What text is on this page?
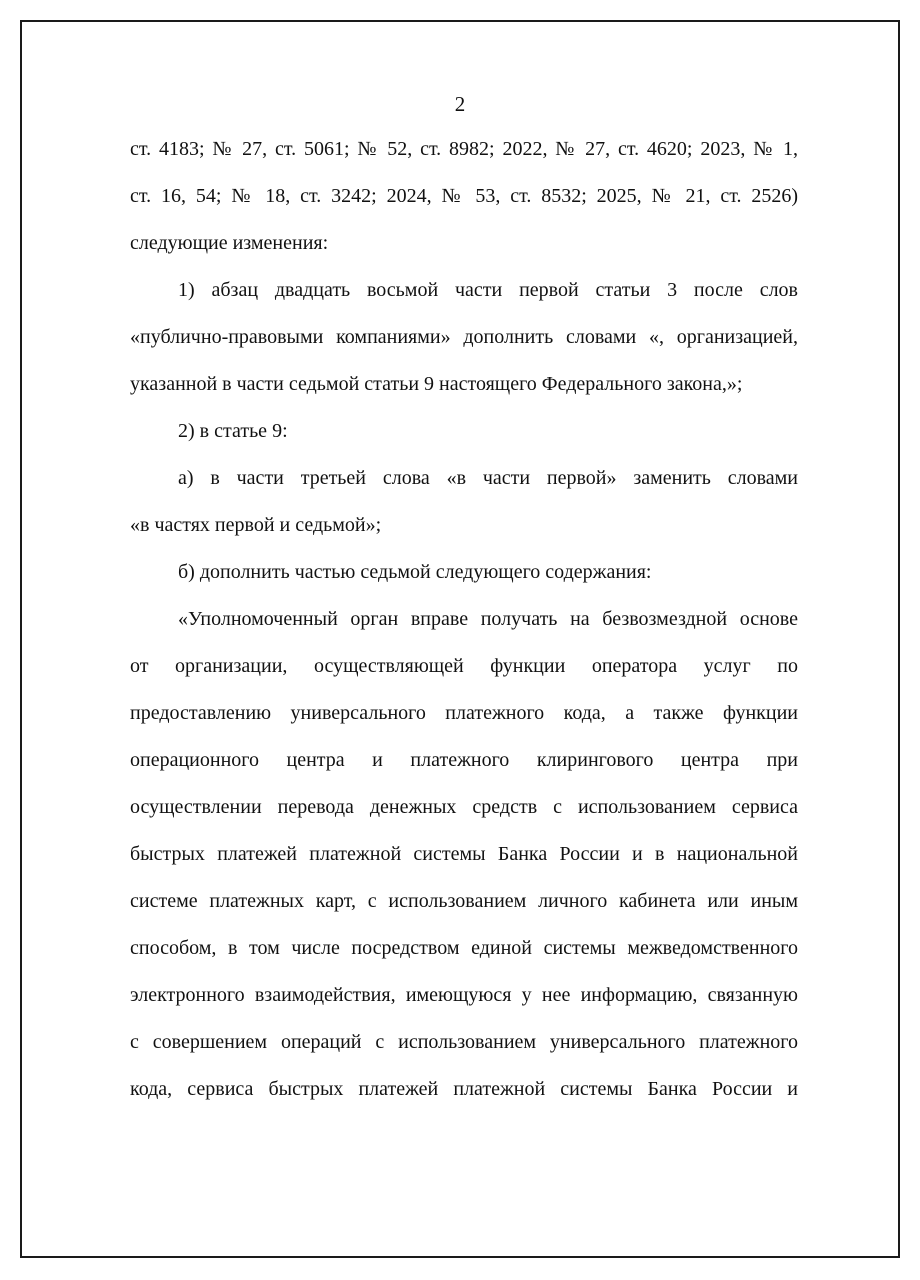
2
ст. 4183; № 27, ст. 5061; № 52, ст. 8982; 2022, № 27, ст. 4620; 2023, № 1,
ст. 16, 54; № 18, ст. 3242; 2024, № 53, ст. 8532; 2025, № 21, ст. 2526)
следующие изменения:
1) абзац двадцать восьмой части первой статьи 3 после слов
«публично-правовыми компаниями» дополнить словами «, организацией,
указанной в части седьмой статьи 9 настоящего Федерального закона,»;
2) в статье 9:
а) в части третьей слова «в части первой» заменить словами
«в частях первой и седьмой»;
б) дополнить частью седьмой следующего содержания:
«Уполномоченный орган вправе получать на безвозмездной основе
от организации, осуществляющей функции оператора услуг по
предоставлению универсального платежного кода, а также функции
операционного центра и платежного клирингового центра при
осуществлении перевода денежных средств с использованием сервиса
быстрых платежей платежной системы Банка России и в национальной
системе платежных карт, с использованием личного кабинета или иным
способом, в том числе посредством единой системы межведомственного
электронного взаимодействия, имеющуюся у нее информацию, связанную
с совершением операций с использованием универсального платежного
кода, сервиса быстрых платежей платежной системы Банка России и
